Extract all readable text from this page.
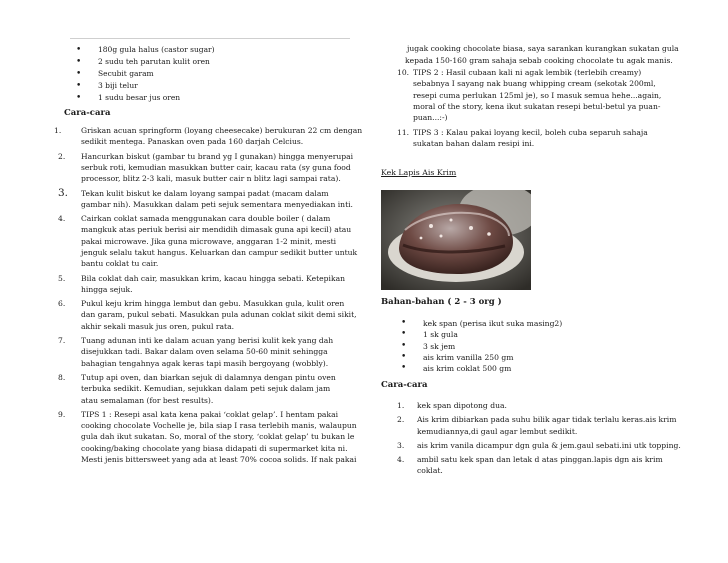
• 180g gula halus (castor sugar)
• 2 sudu teh parutan kulit oren
• Secubit garam
• 3 biji telur
• 1 sudu besar jus oren
Cara-cara
1.	Griskan acuan springform (loyang cheesecake) berukuran 22 cm dengan
sedikit mentega. Panaskan oven pada 160 darjah Celcius.
2. Hancurkan biskut (gambar tu brand yg I gunakan) hingga menyerupai
serbuk roti, kemudian masukkan butter cair, kacau rata (sy guna food
processor, blitz 2-3 kali, masuk butter cair n blitz lagi sampai rata).
3. Tekan kulit biskut ke dalam loyang sampai padat (macam dalam
gambar nih). Masukkan dalam peti sejuk sementara menyediakan inti.
4. Cairkan coklat samada menggunakan cara double boiler ( dalam
mangkuk atas periuk berisi air mendidih dimasak guna api kecil) atau
pakai microwave. Jika guna microwave, anggaran 1-2 minit, mesti
jenguk selalu takut hangus. Keluarkan dan campur sedikit butter untuk
bantu coklat tu cair.
5. Bila coklat dah cair, masukkan krim, kacau hingga sebati. Ketepikan
hingga sejuk.
6. Pukul keju krim hingga lembut dan gebu. Masukkan gula, kulit oren
dan garam, pukul sebati. Masukkan pula adunan coklat sikit demi sikit,
akhir sekali masuk jus oren, pukul rata.
7. Tuang adunan inti ke dalam acuan yang berisi kulit kek yang dah
disejukkan tadi. Bakar dalam oven selama 50-60 minit sehingga
bahagian tengahnya agak keras tapi masih bergoyang (wobbly).
8. Tutup api oven, dan biarkan sejuk di dalamnya dengan pintu oven
terbuka sedikit. Kemudian, sejukkan dalam peti sejuk dalam jam
atau semalaman (for best results).
9. TIPS 1 : Resepi asal kata kena pakai ‘coklat gelap’. I hentam pakai
cooking chocolate Vochelle je, bila siap I rasa terlebih manis, walaupun
gula dah ikut sukatan. So, moral of the story, ‘coklat gelap’ tu bukan le
cooking/baking chocolate yang biasa didapati di supermarket kita ni.
Mesti jenis bittersweet yang ada at least 70% cocoa solids. If nak pakai
jugak cooking chocolate biasa, saya sarankan kurangkan sukatan gula
kepada 150-160 gram sahaja sebab cooking chocolate tu agak manis.
10. TIPS 2 : Hasil cubaan kali ni agak lembik (terlebih creamy)
sebabnya I sayang nak buang whipping cream (sekotak 200ml,
resepi cuma perlukan 125ml je), so I masuk semua hehe...again,
moral of the story, kena ikut sukatan resepi betul-betul ya puan-
puan...:-)
11. TIPS 3 : Kalau pakai loyang kecil, boleh cuba separuh sahaja
sukatan bahan dalam resipi ini.
Kek Lapis Ais Krim
Bahan-bahan ( 2 - 3 org )
• kek span (perisa ikut suka masing2)
• 1 sk gula
• 3 sk jem
• ais krim vanilla 250 gm
• ais krim coklat 500 gm
Cara-cara
1. kek span dipotong dua.
2. Ais krim dibiarkan pada suhu bilik agar tidak terlalu keras.ais krim
kemudiannya,di gaul agar lembut sedikit.
3. ais krim vanila dicampur dgn gula & jem.gaul sebati.ini utk topping.
4. ambil satu kek span dan letak d atas pinggan.lapis dgn ais krim
coklat.
